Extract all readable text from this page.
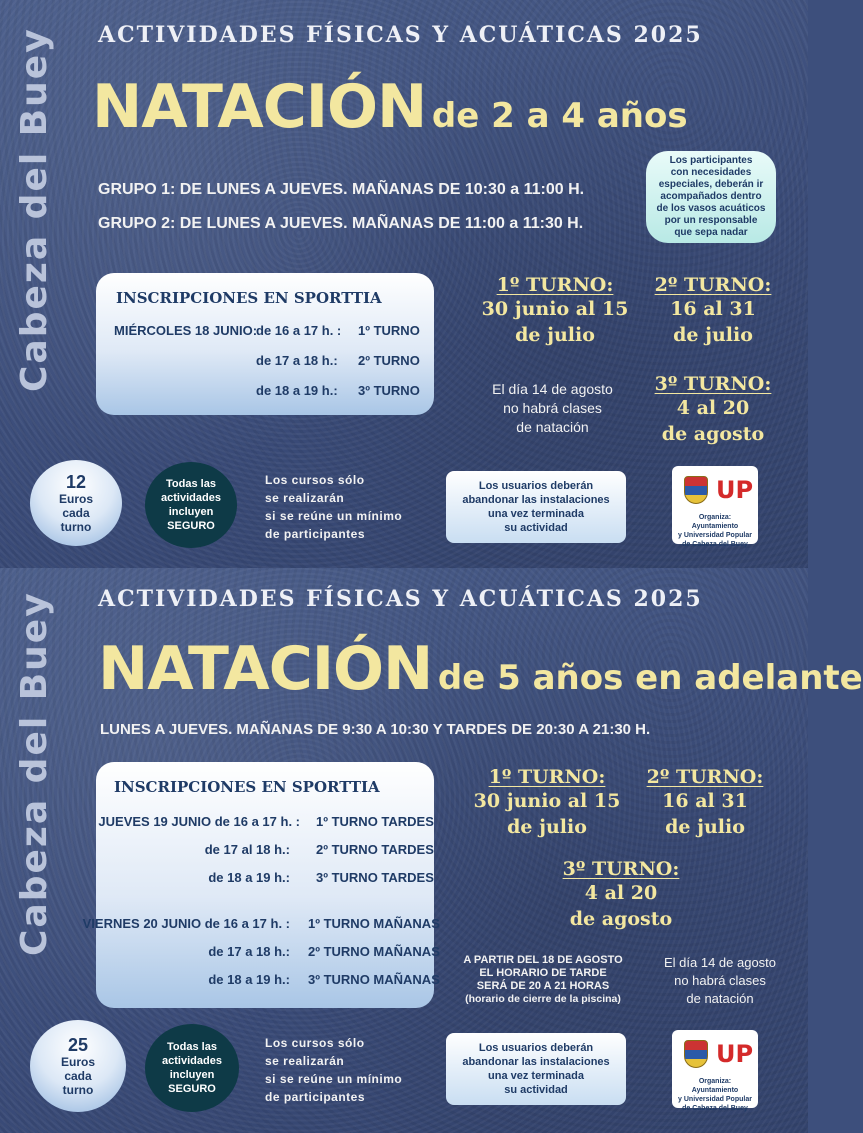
Cabeza del Buey ACTIVIDADES FÍSICAS Y ACUÁTICAS 2025
NATACIÓN de 2 a 4 años
GRUPO 1: DE LUNES A JUEVES. MAÑANAS DE 10:30 a 11:00 H.
GRUPO 2: DE LUNES A JUEVES. MAÑANAS DE 11:00 a 11:30 H.
Los participantes
con necesidades
especiales, deberán ir
acompañados dentro
de los vasos acuáticos
por un responsable
que sepa nadar
INSCRIPCIONES EN SPORTTIA
MIÉRCOLES 18 JUNIO:
de 16 a 17 h. : 1º TURNO
de 17 a 18 h.: 2º TURNO
de 18 a 19 h.: 3º TURNO
1º TURNO:
30 junio al 15
de julio
2º TURNO:
16 al 31
de julio
3º TURNO:
4 al 20
de agosto
El día 14 de agosto
no habrá clases
de natación
12
Euros
cada
turno
Todas las
actividades
incluyen
SEGURO
Los cursos sólo
se realizarán
si se reúne un mínimo
de participantes
Los usuarios deberán
abandonar las instalaciones
una vez terminada
su actividad
UP
Organiza: Ayuntamiento
y Universidad Popular
de Cabeza del Buey
Cabeza del Buey ACTIVIDADES FÍSICAS Y ACUÁTICAS 2025
NATACIÓN de 5 años en adelante
LUNES A JUEVES. MAÑANAS DE 9:30 A 10:30 Y TARDES DE 20:30 A 21:30 H.
INSCRIPCIONES EN SPORTTIA
JUEVES 19 JUNIO de 16 a 17 h. : 1º TURNO TARDES
de 17 al 18 h.: 2º TURNO TARDES
de 18 a 19 h.: 3º TURNO TARDES
VIERNES 20 JUNIO de 16 a 17 h. : 1º TURNO MAÑANAS
de 17 a 18 h.: 2º TURNO MAÑANAS
de 18 a 19 h.: 3º TURNO MAÑANAS
1º TURNO:
30 junio al 15
de julio
2º TURNO:
16 al 31
de julio
3º TURNO:
4 al 20
de agosto
A PARTIR DEL 18 DE AGOSTO
EL HORARIO DE TARDE
SERÁ DE 20 A 21 HORAS
(horario de cierre de la piscina)
El día 14 de agosto
no habrá clases
de natación
25
Euros
cada
turno
Todas las
actividades
incluyen
SEGURO
Los cursos sólo
se realizarán
si se reúne un mínimo
de participantes
Los usuarios deberán
abandonar las instalaciones
una vez terminada
su actividad
UP
Organiza: Ayuntamiento
y Universidad Popular
de Cabeza del Buey
